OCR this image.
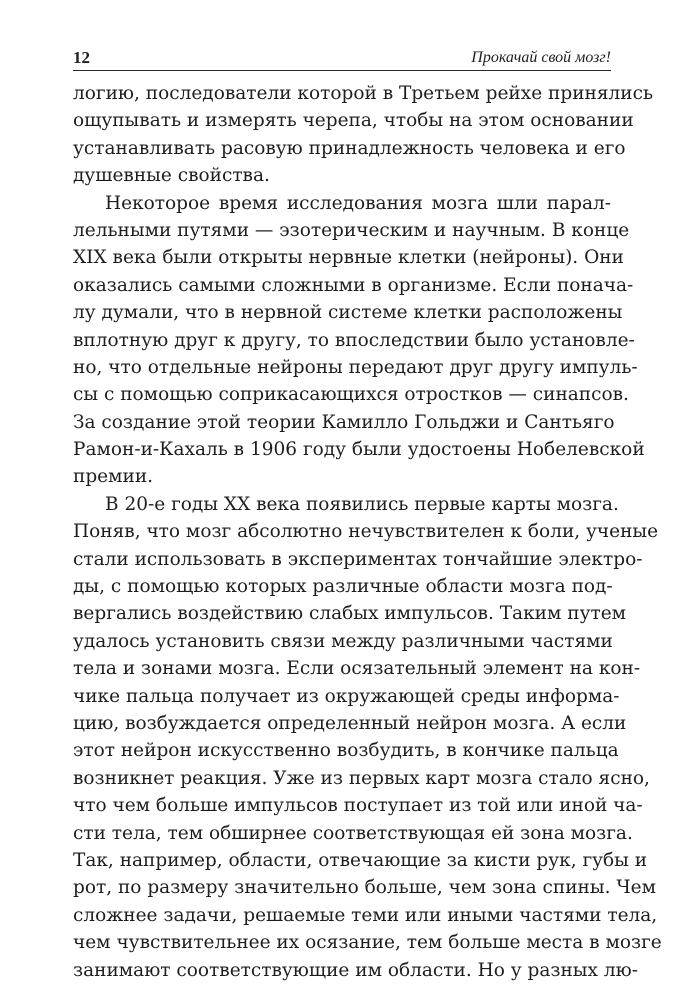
12	Прокачай свой мозг!
логию, последователи которой в Третьем рейхе принялись
ощупывать и измерять черепа, чтобы на этом основании
устанавливать расовую принадлежность человека и его
душевные свойства.
Некоторое время исследования мозга шли парал-
лельными путями — эзотерическим и научным. В конце
XIX века были открыты нервные клетки (нейроны). Они
оказались самыми сложными в организме. Если поначa-
лу думали, что в нервной системе клетки расположены
вплотную друг к другу, то впоследствии было установле-
но, что отдельные нейроны передают друг другу импуль-
сы с помощью соприкасающихся отростков — синапсов.
За создание этой теории Камилло Гольджи и Сантьяго
Рамон-и-Кахаль в 1906 году были удостоены Нобелевской
премии.
В 20-е годы XX века появились первые карты мозга.
Поняв, что мозг абсолютно нечувствителен к боли, ученые
стали использовать в экспериментах тончайшие электро-
ды, с помощью которых различные области мозга под-
вергались воздействию слабых импульсов. Таким путем
удалось установить связи между различными частями
тела и зонами мозга. Если осязательный элемент на кон-
чике пальца получает из окружающей среды информа-
цию, возбуждается определенный нейрон мозга. А если
этот нейрон искусственно возбудить, в кончике пальца
возникнет реакция. Уже из первых карт мозга стало ясно,
что чем больше импульсов поступает из той или иной ча-
сти тела, тем обширнее соответствующая ей зона мозга.
Так, например, области, отвечающие за кисти рук, губы и
рот, по размеру значительно больше, чем зона спины. Чем
сложнее задачи, решаемые теми или иными частями тела,
чем чувствительнее их осязание, тем больше места в мозге
занимают соответствующие им области. Но у разных лю-
